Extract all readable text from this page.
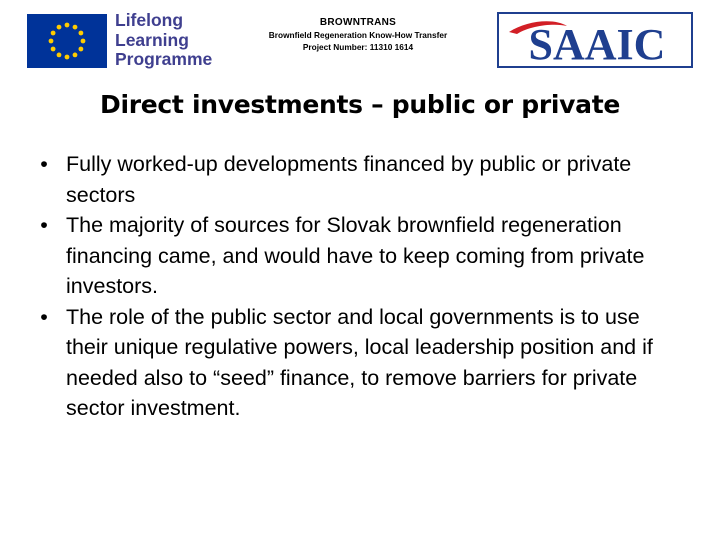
Lifelong
Learning
Programme
BROWNTRANS
Brownfield Regeneration Know-How Transfer
Project Number: 11310 1614	SAAIC
Direct investments – public or private
• Fully worked-up developments financed by public or private sectors
• The majority of sources for Slovak brownfield regeneration financing came, and would have to keep coming from private investors.
• The role of the public sector and local governments is to use their unique regulative powers, local leadership position and if needed also to “seed” finance, to remove barriers for private sector investment.
